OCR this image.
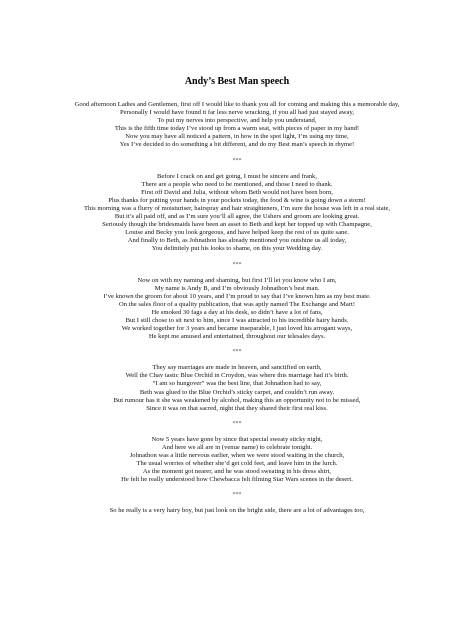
Andy’s Best Man speech
Good afternoon Ladies and Gentlemen, first off I would like to thank you all for coming and making this a memorable day,
Personally I would have found it far less nerve wracking, if you all had just stayed away,
To put my nerves into perspective, and help you understand,
This is the fifth time today I’ve stood up from a warm seat, with pieces of paper in my hand!
Now you may have all noticed a pattern, in how in the spot light, I’m using my time,
Yes I’ve decided to do something a bit different, and do my Best man’s speech in rhyme!
***
Before I crack on and get going, I must be sincere and frank,
There are a people who need to be mentioned, and those I need to thank.
First off David and Julia, without whom Beth would not have been born,
Plus thanks for putting your hands in your pockets today, the food & wine is going down a storm!
This morning was a flurry of moisturiser, hairspray and hair straighteners, I’m sure the house was left in a real state,
But it’s all paid off, and as I’m sure you’ll all agree, the Ushers and groom are looking great.
Seriously though the bridesmaids have been an asset to Beth and kept her topped up with Champagne,
Louise and Becky you look gorgeous, and have helped keep the rest of us quite sane.
And finally to Beth, as Johnathon has already mentioned you outshine us all today,
You definitely put his looks to shame, on this your Wedding day.
***
Now on with my naming and shaming, but first I’ll let you know who I am,
My name is Andy B, and I’m obviously Johnathon’s best man.
I’ve known the groom for about 10 years, and I’m proud to say that I’ve known him as my best mate.
On the sales floor of a quality publication, that was aptly named The Exchange and Mart!
He smoked 30 fags a day at his desk, so didn’t have a lot of fans,
But I still chose to sit next to him, since I was attracted to his incredible hairy hands.
We worked together for 3 years and became inseparable, I just loved his arrogant ways,
He kept me amused and entertained, throughout our telesales days.
***
They say marriages are made in heaven, and sanctified on earth,
Well the Chav tastic Blue Orchid in Croydon, was where this marriage had it’s birth.
“I am so hungover” was the best line, that Johnathon had to say,
Beth was glued to the Blue Orchid’s sticky carpet, and couldn’t run away.
But rumour has it she was weakened by alcohol, making this an opportunity not to be missed,
Since it was on that sacred, night that they shared their first real kiss.
***
Now 5 years have gone by since that special sweaty sticky night,
And here we all are in (venue name) to celebrate tonight.
Johnathon was a little nervous earlier, when we were stood waiting in the church,
The usual worries of whether she’d get cold feet, and leave him in the lurch.
As the moment got nearer, and he was stood sweating in his dress shirt,
He felt he really understood how Chewbacca felt filming Star Wars scenes in the desert.
***
So he really is a very hairy boy, but just look on the bright side, there are a lot of advantages too,
